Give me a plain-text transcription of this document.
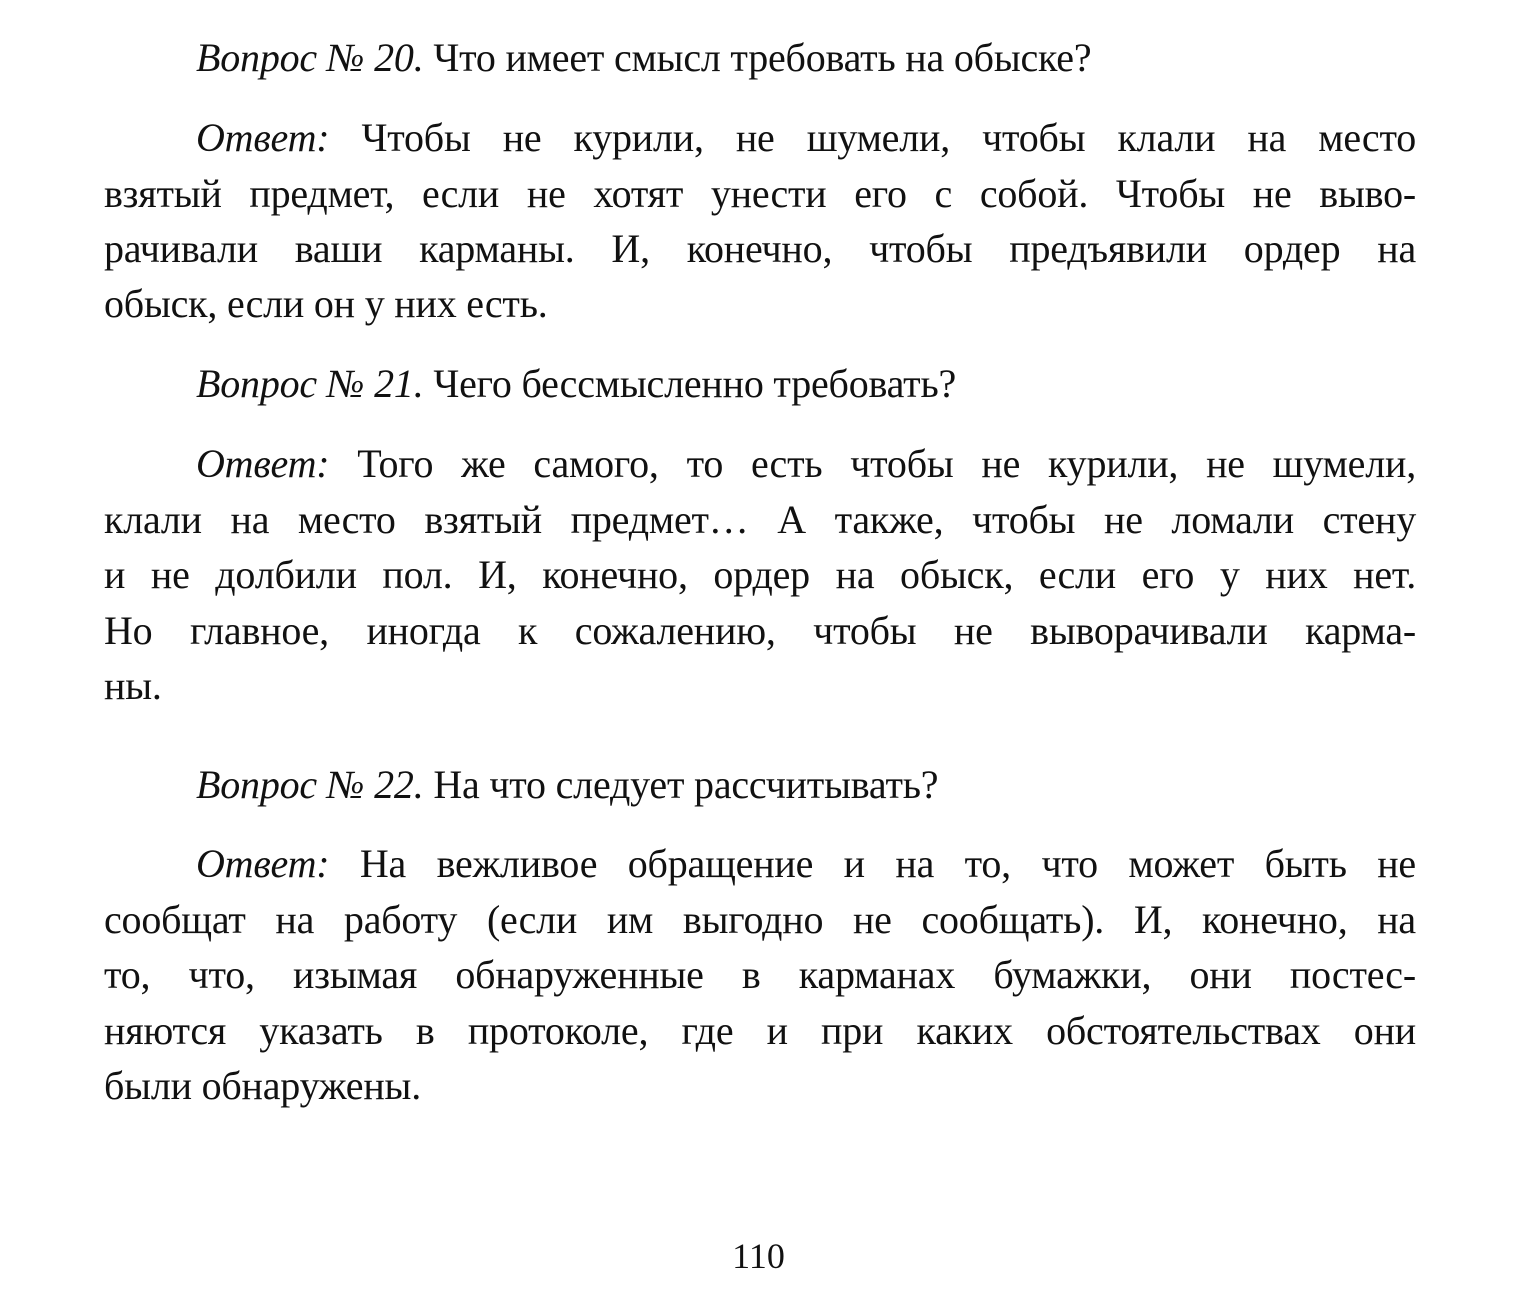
Вопрос № 20. Что имеет смысл требовать на обыске?
Ответ: Чтобы не курили, не шумели, чтобы клали на место
взятый предмет, если не хотят унести его с собой. Чтобы не выво-
рачивали ваши карманы. И, конечно, чтобы предъявили ордер на
обыск, если он у них есть.
Вопрос № 21. Чего бессмысленно требовать?
Ответ: Того же самого, то есть чтобы не курили, не шумели,
клали на место взятый предмет… А также, чтобы не ломали стену
и не долбили пол. И, конечно, ордер на обыск, если его у них нет.
Но главное, иногда к сожалению, чтобы не выворачивали карма-
ны.
Вопрос № 22. На что следует рассчитывать?
Ответ: На вежливое обращение и на то, что может быть не
сообщат на работу (если им выгодно не сообщать). И, конечно, на
то, что, изымая обнаруженные в карманах бумажки, они постес-
няются указать в протоколе, где и при каких обстоятельствах они
были обнаружены.
110
